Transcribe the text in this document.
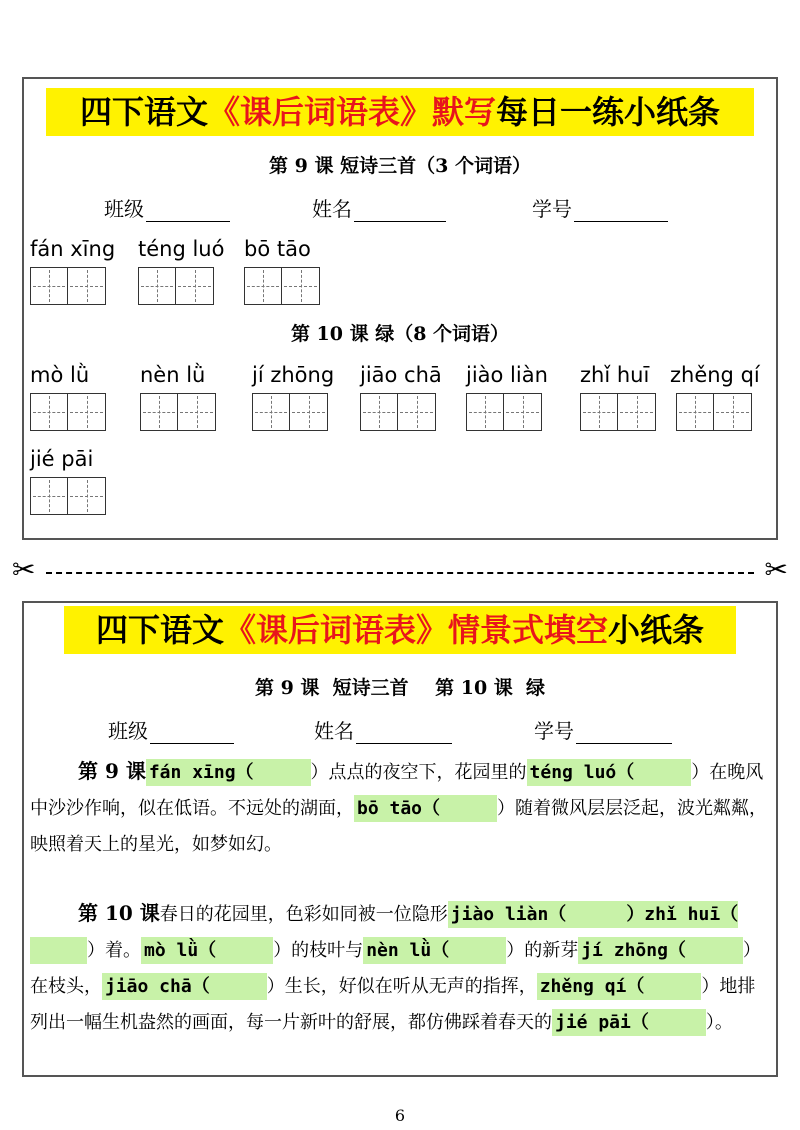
四下语文《课后词语表》默写每日一练小纸条
第 9 课 短诗三首（3 个词语）
班级	姓名	学号
fán xīng téng luó bō tāo
第 10 课 绿（8 个词语）
mò lǜ	nèn lǜ	jí zhōng jiāo chā jiào liàn zhǐ huī zhěng qí
jié pāi
✂	✂
四下语文《课后词语表》情景式填空小纸条
第 9 课  短诗三首    第 10 课  绿
班级	姓名	学号
第 9 课 fán xīng（	）点点的夜空下，花园里的 téng luó（	）在晚风中沙沙作响，似在低语。不远处的湖面， bō tāo（	）随着微风层层泛起，波光粼粼，映照着天上的星光，如梦如幻。
第 10 课春日的花园里，色彩如同被一位隐形 jiào liàn（	）zhǐ huī（）着。 mò lǜ（	）的枝叶与 nèn lǜ（	）的新芽 jí zhōng（	）在枝头， jiāo chā（	）生长，好似在听从无声的指挥， zhěng qí（	）地排列出一幅生机盎然的画面，每一片新叶的舒展，都仿佛踩着春天的 jié pāi（	）。
6
